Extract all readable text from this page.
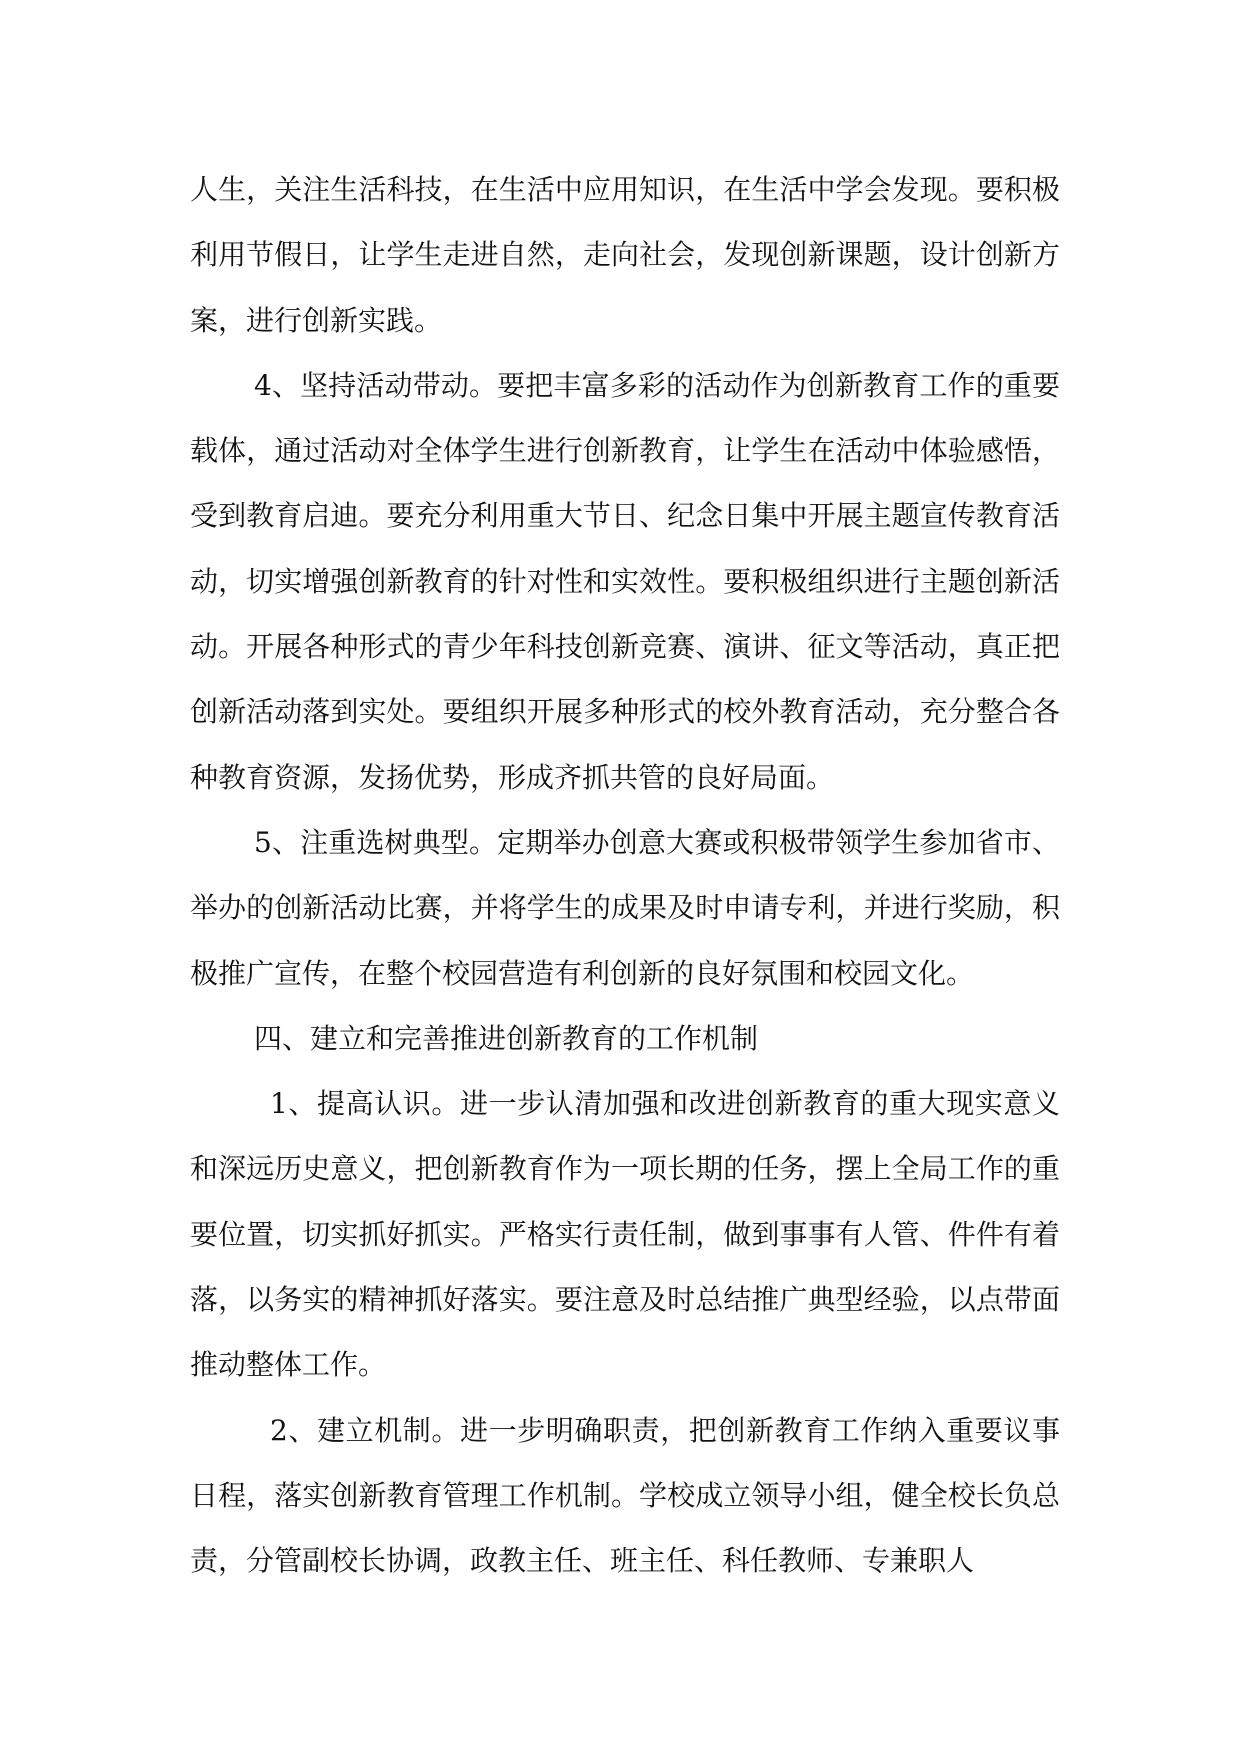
人生，关注生活科技，在生活中应用知识，在生活中学会发现。要积极利用节假日，让学生走进自然，走向社会，发现创新课题，设计创新方案，进行创新实践。

4、坚持活动带动。要把丰富多彩的活动作为创新教育工作的重要载体，通过活动对全体学生进行创新教育，让学生在活动中体验感悟，受到教育启迪。要充分利用重大节日、纪念日集中开展主题宣传教育活动，切实增强创新教育的针对性和实效性。要积极组织进行主题创新活动。开展各种形式的青少年科技创新竞赛、演讲、征文等活动，真正把创新活动落到实处。要组织开展多种形式的校外教育活动，充分整合各种教育资源，发扬优势，形成齐抓共管的良好局面。

5、注重选树典型。定期举办创意大赛或积极带领学生参加省市、举办的创新活动比赛，并将学生的成果及时申请专利，并进行奖励，积极推广宣传，在整个校园营造有利创新的良好氛围和校园文化。

四、建立和完善推进创新教育的工作机制

1、提高认识。进一步认清加强和改进创新教育的重大现实意义和深远历史意义，把创新教育作为一项长期的任务，摆上全局工作的重要位置，切实抓好抓实。严格实行责任制，做到事事有人管、件件有着落，以务实的精神抓好落实。要注意及时总结推广典型经验，以点带面推动整体工作。

2、建立机制。进一步明确职责，把创新教育工作纳入重要议事日程，落实创新教育管理工作机制。学校成立领导小组，健全校长负总责，分管副校长协调，政教主任、班主任、科任教师、专兼职人
